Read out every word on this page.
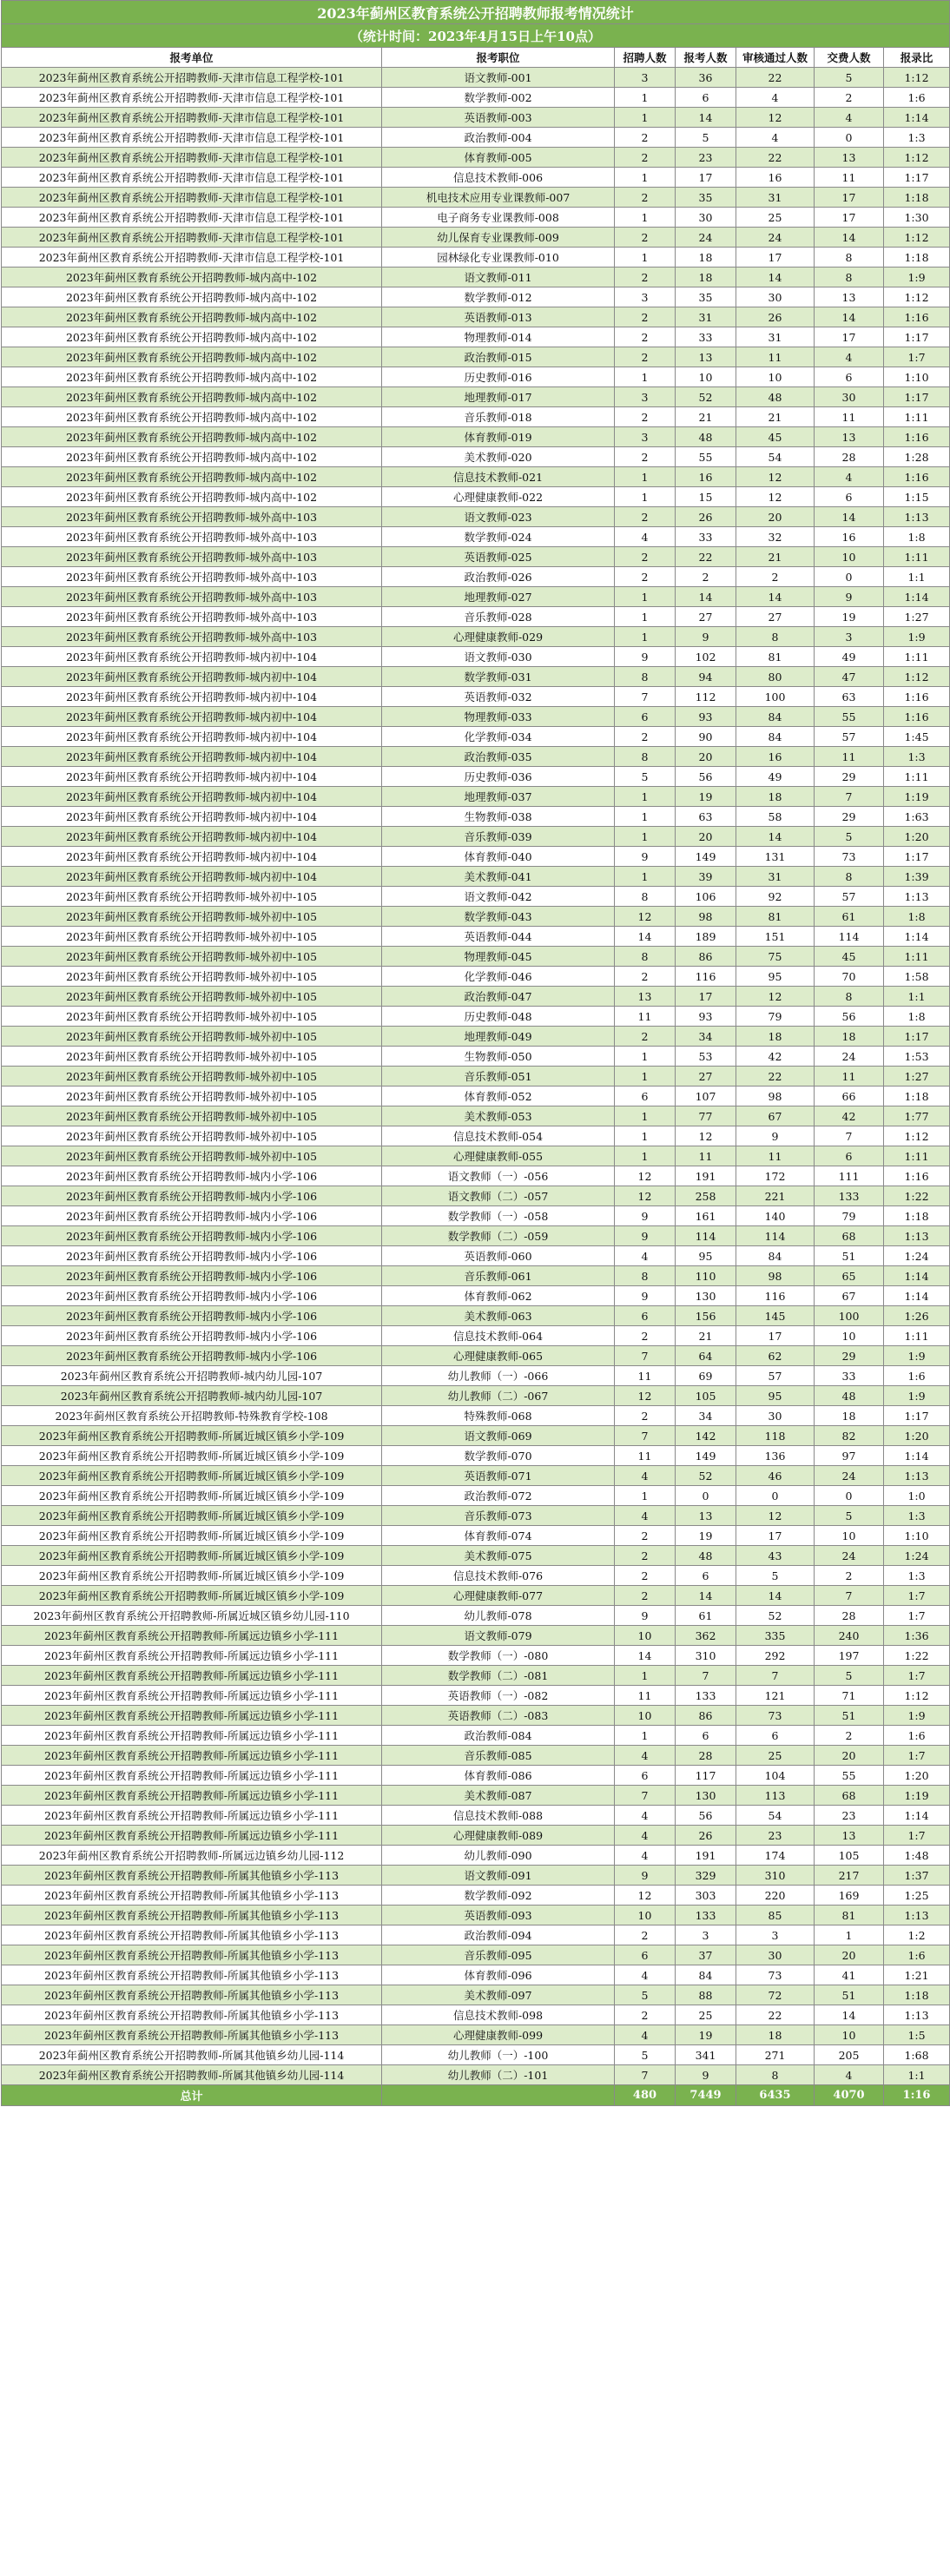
2023年蓟州区教育系统公开招聘教师报考情况统计						
（统计时间：2023年4月15日上午10点）						
报考单位	报考职位	招聘人数	报考人数	审核通过人数	交费人数	报录比
2023年蓟州区教育系统公开招聘教师-天津市信息工程学校-101	语文教师-001	3	36	22	5	1:12
2023年蓟州区教育系统公开招聘教师-天津市信息工程学校-101	数学教师-002	1	6	4	2	1:6
2023年蓟州区教育系统公开招聘教师-天津市信息工程学校-101	英语教师-003	1	14	12	4	1:14
2023年蓟州区教育系统公开招聘教师-天津市信息工程学校-101	政治教师-004	2	5	4	0	1:3
2023年蓟州区教育系统公开招聘教师-天津市信息工程学校-101	体育教师-005	2	23	22	13	1:12
2023年蓟州区教育系统公开招聘教师-天津市信息工程学校-101	信息技术教师-006	1	17	16	11	1:17
2023年蓟州区教育系统公开招聘教师-天津市信息工程学校-101	机电技术应用专业课教师-007	2	35	31	17	1:18
2023年蓟州区教育系统公开招聘教师-天津市信息工程学校-101	电子商务专业课教师-008	1	30	25	17	1:30
2023年蓟州区教育系统公开招聘教师-天津市信息工程学校-101	幼儿保育专业课教师-009	2	24	24	14	1:12
2023年蓟州区教育系统公开招聘教师-天津市信息工程学校-101	园林绿化专业课教师-010	1	18	17	8	1:18
2023年蓟州区教育系统公开招聘教师-城内高中-102	语文教师-011	2	18	14	8	1:9
2023年蓟州区教育系统公开招聘教师-城内高中-102	数学教师-012	3	35	30	13	1:12
2023年蓟州区教育系统公开招聘教师-城内高中-102	英语教师-013	2	31	26	14	1:16
2023年蓟州区教育系统公开招聘教师-城内高中-102	物理教师-014	2	33	31	17	1:17
2023年蓟州区教育系统公开招聘教师-城内高中-102	政治教师-015	2	13	11	4	1:7
2023年蓟州区教育系统公开招聘教师-城内高中-102	历史教师-016	1	10	10	6	1:10
2023年蓟州区教育系统公开招聘教师-城内高中-102	地理教师-017	3	52	48	30	1:17
2023年蓟州区教育系统公开招聘教师-城内高中-102	音乐教师-018	2	21	21	11	1:11
2023年蓟州区教育系统公开招聘教师-城内高中-102	体育教师-019	3	48	45	13	1:16
2023年蓟州区教育系统公开招聘教师-城内高中-102	美术教师-020	2	55	54	28	1:28
2023年蓟州区教育系统公开招聘教师-城内高中-102	信息技术教师-021	1	16	12	4	1:16
2023年蓟州区教育系统公开招聘教师-城内高中-102	心理健康教师-022	1	15	12	6	1:15
2023年蓟州区教育系统公开招聘教师-城外高中-103	语文教师-023	2	26	20	14	1:13
2023年蓟州区教育系统公开招聘教师-城外高中-103	数学教师-024	4	33	32	16	1:8
2023年蓟州区教育系统公开招聘教师-城外高中-103	英语教师-025	2	22	21	10	1:11
2023年蓟州区教育系统公开招聘教师-城外高中-103	政治教师-026	2	2	2	0	1:1
2023年蓟州区教育系统公开招聘教师-城外高中-103	地理教师-027	1	14	14	9	1:14
2023年蓟州区教育系统公开招聘教师-城外高中-103	音乐教师-028	1	27	27	19	1:27
2023年蓟州区教育系统公开招聘教师-城外高中-103	心理健康教师-029	1	9	8	3	1:9
2023年蓟州区教育系统公开招聘教师-城内初中-104	语文教师-030	9	102	81	49	1:11
2023年蓟州区教育系统公开招聘教师-城内初中-104	数学教师-031	8	94	80	47	1:12
2023年蓟州区教育系统公开招聘教师-城内初中-104	英语教师-032	7	112	100	63	1:16
2023年蓟州区教育系统公开招聘教师-城内初中-104	物理教师-033	6	93	84	55	1:16
2023年蓟州区教育系统公开招聘教师-城内初中-104	化学教师-034	2	90	84	57	1:45
2023年蓟州区教育系统公开招聘教师-城内初中-104	政治教师-035	8	20	16	11	1:3
2023年蓟州区教育系统公开招聘教师-城内初中-104	历史教师-036	5	56	49	29	1:11
2023年蓟州区教育系统公开招聘教师-城内初中-104	地理教师-037	1	19	18	7	1:19
2023年蓟州区教育系统公开招聘教师-城内初中-104	生物教师-038	1	63	58	29	1:63
2023年蓟州区教育系统公开招聘教师-城内初中-104	音乐教师-039	1	20	14	5	1:20
2023年蓟州区教育系统公开招聘教师-城内初中-104	体育教师-040	9	149	131	73	1:17
2023年蓟州区教育系统公开招聘教师-城内初中-104	美术教师-041	1	39	31	8	1:39
2023年蓟州区教育系统公开招聘教师-城外初中-105	语文教师-042	8	106	92	57	1:13
2023年蓟州区教育系统公开招聘教师-城外初中-105	数学教师-043	12	98	81	61	1:8
2023年蓟州区教育系统公开招聘教师-城外初中-105	英语教师-044	14	189	151	114	1:14
2023年蓟州区教育系统公开招聘教师-城外初中-105	物理教师-045	8	86	75	45	1:11
2023年蓟州区教育系统公开招聘教师-城外初中-105	化学教师-046	2	116	95	70	1:58
2023年蓟州区教育系统公开招聘教师-城外初中-105	政治教师-047	13	17	12	8	1:1
2023年蓟州区教育系统公开招聘教师-城外初中-105	历史教师-048	11	93	79	56	1:8
2023年蓟州区教育系统公开招聘教师-城外初中-105	地理教师-049	2	34	18	18	1:17
2023年蓟州区教育系统公开招聘教师-城外初中-105	生物教师-050	1	53	42	24	1:53
2023年蓟州区教育系统公开招聘教师-城外初中-105	音乐教师-051	1	27	22	11	1:27
2023年蓟州区教育系统公开招聘教师-城外初中-105	体育教师-052	6	107	98	66	1:18
2023年蓟州区教育系统公开招聘教师-城外初中-105	美术教师-053	1	77	67	42	1:77
2023年蓟州区教育系统公开招聘教师-城外初中-105	信息技术教师-054	1	12	9	7	1:12
2023年蓟州区教育系统公开招聘教师-城外初中-105	心理健康教师-055	1	11	11	6	1:11
2023年蓟州区教育系统公开招聘教师-城内小学-106	语文教师（一）-056	12	191	172	111	1:16
2023年蓟州区教育系统公开招聘教师-城内小学-106	语文教师（二）-057	12	258	221	133	1:22
2023年蓟州区教育系统公开招聘教师-城内小学-106	数学教师（一）-058	9	161	140	79	1:18
2023年蓟州区教育系统公开招聘教师-城内小学-106	数学教师（二）-059	9	114	114	68	1:13
2023年蓟州区教育系统公开招聘教师-城内小学-106	英语教师-060	4	95	84	51	1:24
2023年蓟州区教育系统公开招聘教师-城内小学-106	音乐教师-061	8	110	98	65	1:14
2023年蓟州区教育系统公开招聘教师-城内小学-106	体育教师-062	9	130	116	67	1:14
2023年蓟州区教育系统公开招聘教师-城内小学-106	美术教师-063	6	156	145	100	1:26
2023年蓟州区教育系统公开招聘教师-城内小学-106	信息技术教师-064	2	21	17	10	1:11
2023年蓟州区教育系统公开招聘教师-城内小学-106	心理健康教师-065	7	64	62	29	1:9
2023年蓟州区教育系统公开招聘教师-城内幼儿园-107	幼儿教师（一）-066	11	69	57	33	1:6
2023年蓟州区教育系统公开招聘教师-城内幼儿园-107	幼儿教师（二）-067	12	105	95	48	1:9
2023年蓟州区教育系统公开招聘教师-特殊教育学校-108	特殊教师-068	2	34	30	18	1:17
2023年蓟州区教育系统公开招聘教师-所属近城区镇乡小学-109	语文教师-069	7	142	118	82	1:20
2023年蓟州区教育系统公开招聘教师-所属近城区镇乡小学-109	数学教师-070	11	149	136	97	1:14
2023年蓟州区教育系统公开招聘教师-所属近城区镇乡小学-109	英语教师-071	4	52	46	24	1:13
2023年蓟州区教育系统公开招聘教师-所属近城区镇乡小学-109	政治教师-072	1	0	0	0	1:0
2023年蓟州区教育系统公开招聘教师-所属近城区镇乡小学-109	音乐教师-073	4	13	12	5	1:3
2023年蓟州区教育系统公开招聘教师-所属近城区镇乡小学-109	体育教师-074	2	19	17	10	1:10
2023年蓟州区教育系统公开招聘教师-所属近城区镇乡小学-109	美术教师-075	2	48	43	24	1:24
2023年蓟州区教育系统公开招聘教师-所属近城区镇乡小学-109	信息技术教师-076	2	6	5	2	1:3
2023年蓟州区教育系统公开招聘教师-所属近城区镇乡小学-109	心理健康教师-077	2	14	14	7	1:7
2023年蓟州区教育系统公开招聘教师-所属近城区镇乡幼儿园-110	幼儿教师-078	9	61	52	28	1:7
2023年蓟州区教育系统公开招聘教师-所属远边镇乡小学-111	语文教师-079	10	362	335	240	1:36
2023年蓟州区教育系统公开招聘教师-所属远边镇乡小学-111	数学教师（一）-080	14	310	292	197	1:22
2023年蓟州区教育系统公开招聘教师-所属远边镇乡小学-111	数学教师（二）-081	1	7	7	5	1:7
2023年蓟州区教育系统公开招聘教师-所属远边镇乡小学-111	英语教师（一）-082	11	133	121	71	1:12
2023年蓟州区教育系统公开招聘教师-所属远边镇乡小学-111	英语教师（二）-083	10	86	73	51	1:9
2023年蓟州区教育系统公开招聘教师-所属远边镇乡小学-111	政治教师-084	1	6	6	2	1:6
2023年蓟州区教育系统公开招聘教师-所属远边镇乡小学-111	音乐教师-085	4	28	25	20	1:7
2023年蓟州区教育系统公开招聘教师-所属远边镇乡小学-111	体育教师-086	6	117	104	55	1:20
2023年蓟州区教育系统公开招聘教师-所属远边镇乡小学-111	美术教师-087	7	130	113	68	1:19
2023年蓟州区教育系统公开招聘教师-所属远边镇乡小学-111	信息技术教师-088	4	56	54	23	1:14
2023年蓟州区教育系统公开招聘教师-所属远边镇乡小学-111	心理健康教师-089	4	26	23	13	1:7
2023年蓟州区教育系统公开招聘教师-所属远边镇乡幼儿园-112	幼儿教师-090	4	191	174	105	1:48
2023年蓟州区教育系统公开招聘教师-所属其他镇乡小学-113	语文教师-091	9	329	310	217	1:37
2023年蓟州区教育系统公开招聘教师-所属其他镇乡小学-113	数学教师-092	12	303	220	169	1:25
2023年蓟州区教育系统公开招聘教师-所属其他镇乡小学-113	英语教师-093	10	133	85	81	1:13
2023年蓟州区教育系统公开招聘教师-所属其他镇乡小学-113	政治教师-094	2	3	3	1	1:2
2023年蓟州区教育系统公开招聘教师-所属其他镇乡小学-113	音乐教师-095	6	37	30	20	1:6
2023年蓟州区教育系统公开招聘教师-所属其他镇乡小学-113	体育教师-096	4	84	73	41	1:21
2023年蓟州区教育系统公开招聘教师-所属其他镇乡小学-113	美术教师-097	5	88	72	51	1:18
2023年蓟州区教育系统公开招聘教师-所属其他镇乡小学-113	信息技术教师-098	2	25	22	14	1:13
2023年蓟州区教育系统公开招聘教师-所属其他镇乡小学-113	心理健康教师-099	4	19	18	10	1:5
2023年蓟州区教育系统公开招聘教师-所属其他镇乡幼儿园-114	幼儿教师（一）-100	5	341	271	205	1:68
2023年蓟州区教育系统公开招聘教师-所属其他镇乡幼儿园-114	幼儿教师（二）-101	7	9	8	4	1:1
总计		480	7449	6435	4070	1:16
